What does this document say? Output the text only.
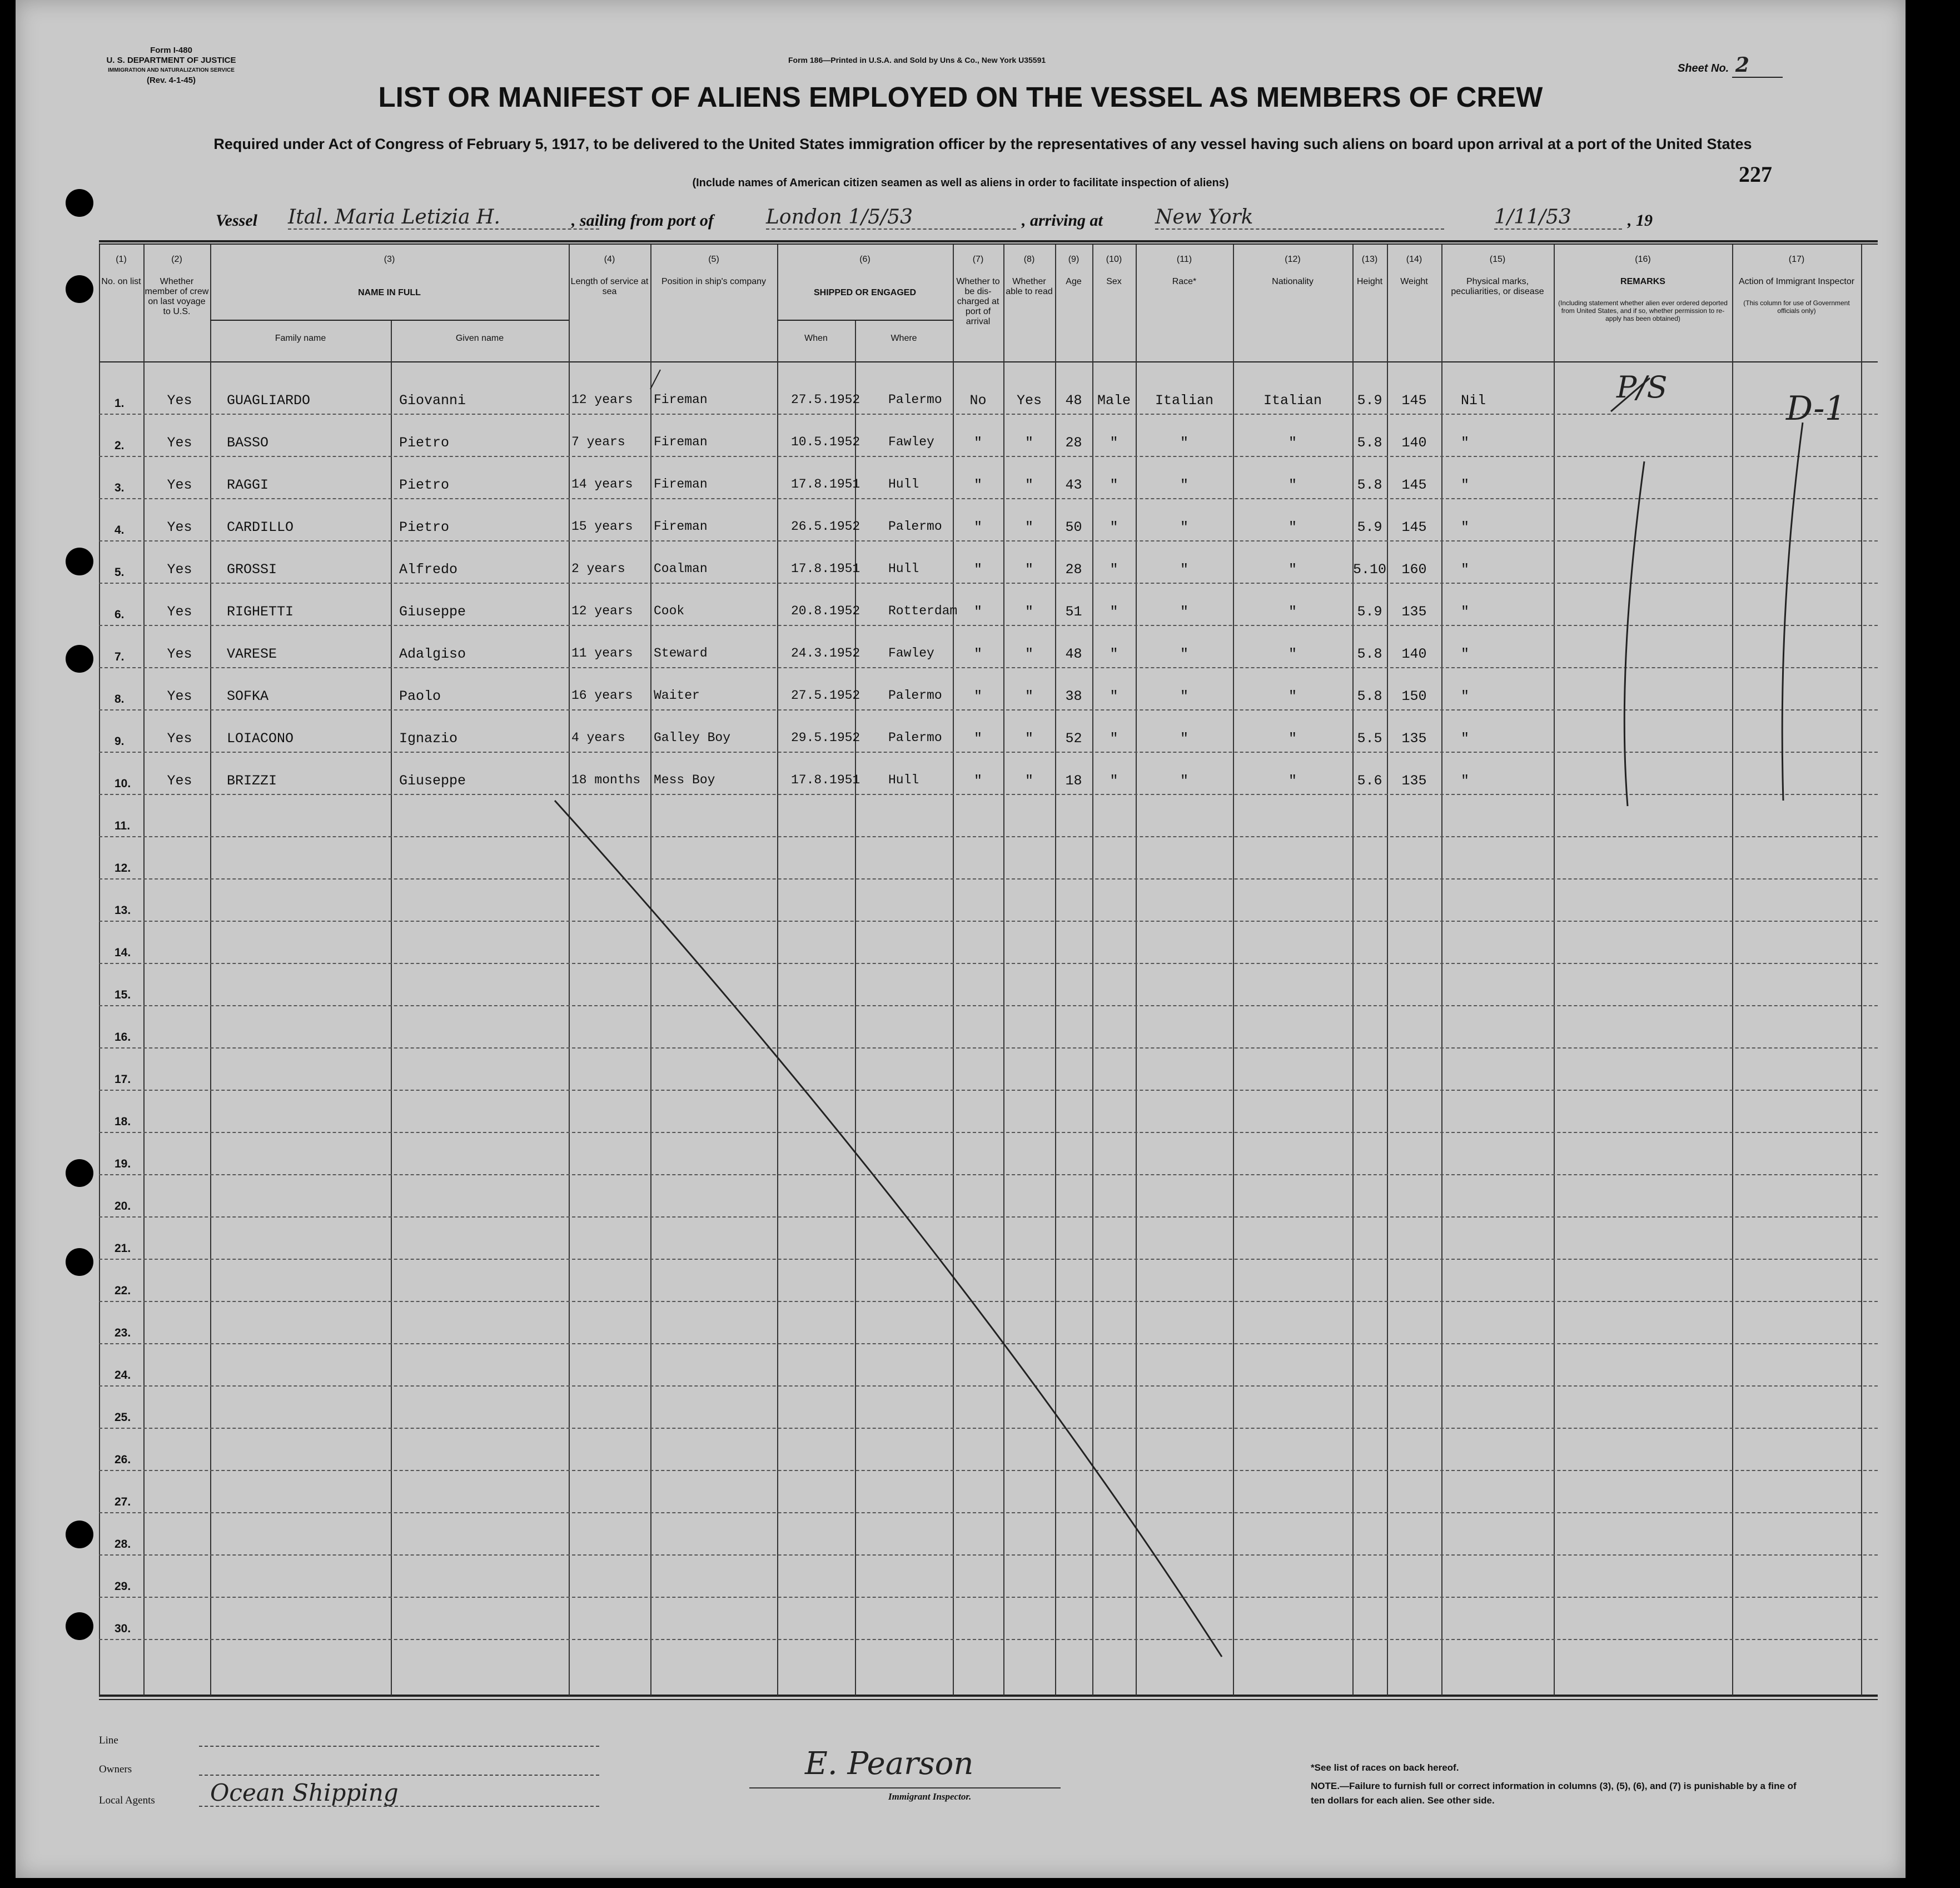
Form I-480
U. S. DEPARTMENT OF JUSTICE
IMMIGRATION AND NATURALIZATION SERVICE
(Rev. 4-1-45)
Form 186—Printed in U.S.A. and Sold by Uns & Co., New York U35591
Sheet No. 2
LIST OR MANIFEST OF ALIENS EMPLOYED ON THE VESSEL AS MEMBERS OF CREW
Required under Act of Congress of February 5, 1917, to be delivered to the United States immigration officer by the representatives of any vessel having such aliens on board upon arrival at a port of the United States
227
(Include names of American citizen seamen as well as aliens in order to facilitate inspection of aliens)
Vessel Ital. Maria Letizia H.	, sailing from port of	London 1/5/53	, arriving at	New York	1/11/53	, 19
(1)
No. on list
(2)
Whether member of crew on last voyage to U.S.
(3)
NAME IN FULL
Family name	Given name
(4)
Length of service at sea
(5)
Position in ship's company
(6)
SHIPPED OR ENGAGED
When	Where
(7)
Whether to be dis-charged at port of arrival
(8)
Whether able to read
(9)
Age
(10)
Sex
(11)
Race*
(12)
Nationality
(13)
Height
(14)
Weight
(15)
Physical marks, peculiarities, or disease
(16)
REMARKS
(Including statement whether alien ever ordered deported from United States, and if so, whether permission to re-apply has been obtained)
(17)
Action of Immigrant Inspector
(This column for use of Government officials only)
1.	Yes	GUAGLIARDO	Giovanni	12 years Fireman	27.5.1952 Palermo	No	Yes	48	Male	Italian	Italian	5.9	145	Nil
2.	Yes	BASSO	Pietro	7 years Fireman	10.5.1952 Fawley	"	"	28	"	"	"	5.8	140	"
3.	Yes	RAGGI	Pietro	14 years Fireman	17.8.1951 Hull	"	"	43	"	"	"	5.8	145	"
4.	Yes	CARDILLO	Pietro	15 years Fireman	26.5.1952 Palermo	"	"	50	"	"	"	5.9	145	"
5.	Yes	GROSSI	Alfredo	2 years Coalman	17.8.1951 Hull	"	"	28	"	"	"	5.10	160	"
6.	Yes	RIGHETTI	Giuseppe	12 years Cook	20.8.1952 Rotterdam	"	"	51	"	"	"	5.9	135	"
7.	Yes	VARESE	Adalgiso	11 years Steward	24.3.1952 Fawley	"	"	48	"	"	"	5.8	140	"
8.	Yes	SOFKA	Paolo	16 years Waiter	27.5.1952 Palermo	"	"	38	"	"	"	5.8	150	"
9.	Yes	LOIACONO	Ignazio	4 years Galley Boy	29.5.1952 Palermo	"	"	52	"	"	"	5.5	135	"
10.	Yes	BRIZZI	Giuseppe	18 months Mess Boy	17.8.1951 Hull	"	"	18	"	"	"	5.6	135	"
11.
12.
13.
14.
15.
16.
17.
18.
19.
20.
21.
22.
23.
24.
25.
26.
27.
28.
29.
30.
P/S
D-1
Line
Owners
Local Agents Ocean Shipping
E. Pearson
Immigrant Inspector.
*See list of races on back hereof.
NOTE.—Failure to furnish full or correct information in columns (3), (5), (6), and (7) is punishable by a fine of ten dollars for each alien. See other side.
